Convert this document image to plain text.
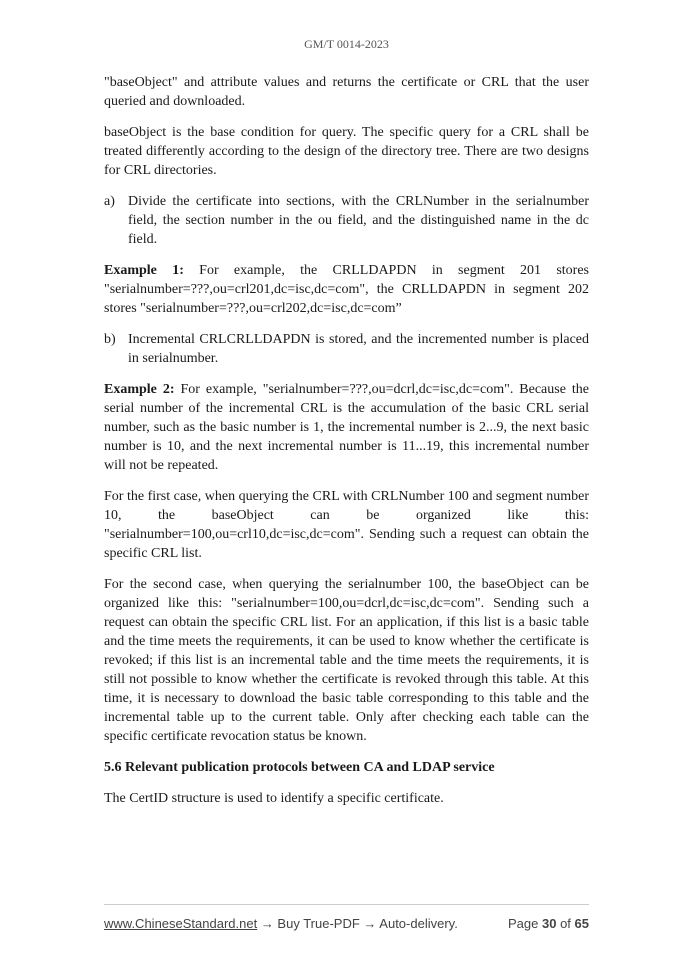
GM/T 0014-2023

"baseObject" and attribute values and returns the certificate or CRL that the user queried and downloaded.

baseObject is the base condition for query. The specific query for a CRL shall be treated differently according to the design of the directory tree. There are two designs for CRL directories.

a) Divide the certificate into sections, with the CRLNumber in the serialnumber field, the section number in the ou field, and the distinguished name in the dc field.

Example 1: For example, the CRLLDAPDN in segment 201 stores "serialnumber=???,ou=crl201,dc=isc,dc=com", the CRLLDAPDN in segment 202 stores "serialnumber=???,ou=crl202,dc=isc,dc=com”

b) Incremental CRLCRLLDAPDN is stored, and the incremented number is placed in serialnumber.

Example 2: For example, "serialnumber=???,ou=dcrl,dc=isc,dc=com". Because the serial number of the incremental CRL is the accumulation of the basic CRL serial number, such as the basic number is 1, the incremental number is 2...9, the next basic number is 10, and the next incremental number is 11...19, this incremental number will not be repeated.

For the first case, when querying the CRL with CRLNumber 100 and segment number 10, the baseObject can be organized like this: "serialnumber=100,ou=crl10,dc=isc,dc=com". Sending such a request can obtain the specific CRL list.

For the second case, when querying the serialnumber 100, the baseObject can be organized like this: "serialnumber=100,ou=dcrl,dc=isc,dc=com". Sending such a request can obtain the specific CRL list. For an application, if this list is a basic table and the time meets the requirements, it can be used to know whether the certificate is revoked; if this list is an incremental table and the time meets the requirements, it is still not possible to know whether the certificate is revoked through this table. At this time, it is necessary to download the basic table corresponding to this table and the incremental table up to the current table. Only after checking each table can the specific certificate revocation status be known.

5.6 Relevant publication protocols between CA and LDAP service

The CertID structure is used to identify a specific certificate.

www.ChineseStandard.net → Buy True-PDF → Auto-delivery.	Page 30 of 65
